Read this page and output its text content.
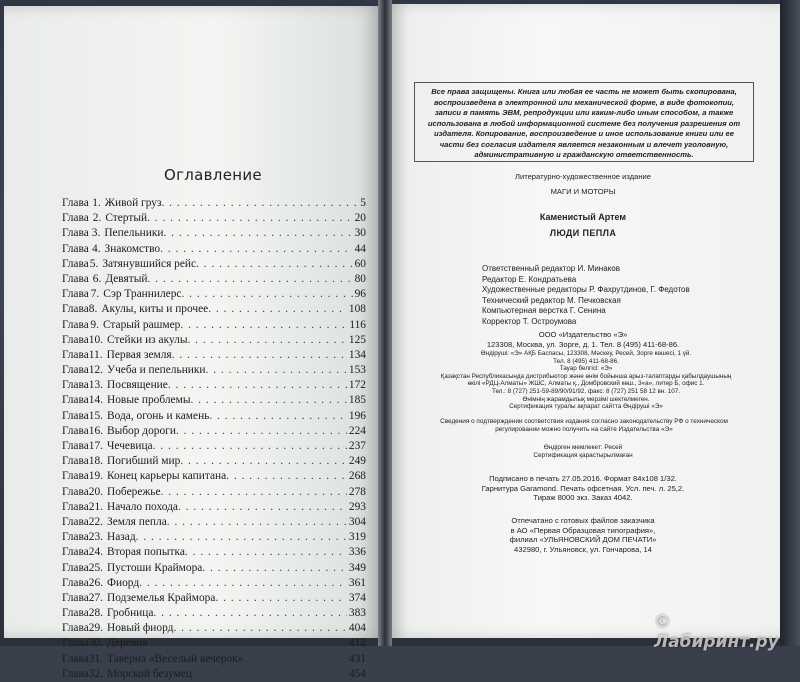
Оглавление
Глава 1. Живой груз . . .	5
Глава 2. Стертый . . .	20
Глава 3. Пепельники . . .	30
Глава 4. Знакомство . . .	44
Глава 5. Затянувшийся рейс . . .	60
Глава 6. Девятый . . .	80
Глава 7. Сэр Траннилерс . . .	96
Глава 8. Акулы, киты и прочее . . .	108
Глава 9. Старый рашмер . . .	116
Глава 10. Стейки из акулы . . .	125
Глава 11. Первая земля . . .	134
Глава 12. Учеба и пепельники . . .	153
Глава 13. Посвящение . . .	172
Глава 14. Новые проблемы . . .	185
Глава 15. Вода, огонь и камень . . .	196
Глава 16. Выбор дороги . . .	224
Глава 17. Чечевица . . .	237
Глава 18. Погибший мир . . .	249
Глава 19. Конец карьеры капитана . . .	268
Глава 20. Побережье . . .	278
Глава 21. Начало похода . . .	293
Глава 22. Земля пепла . . .	304
Глава 23. Назад . . .	319
Глава 24. Вторая попытка . . .	336
Глава 25. Пустоши Краймора . . .	349
Глава 26. Фиорд . . .	361
Глава 27. Подземелья Краймора . . .	374
Глава 28. Гробница . . .	383
Глава 29. Новый фиорд . . .	404
Глава 30. Деревня . . .	412
Глава 31. Таверна «Веселый вечерок» . . .	431
Глава 32. Морской безумец . . .	454
Все права защищены. Книга или любая ее часть не может быть скопирована, воспроизведена в электронной или механической форме, в виде фотокопии, записи в память ЭВМ, репродукции или каким-либо иным способом, а также использована в любой информационной системе без получения разрешения от издателя. Копирование, воспроизведение и иное использование книги или ее части без согласия издателя является незаконным и влечет уголовную, административную и гражданскую ответственность.
Литературно-художественное издание
МАГИ И МОТОРЫ
Каменистый Артем
ЛЮДИ ПЕПЛА
Ответственный редактор И. Минаков
Редактор Е. Кондратьева
Художественные редакторы Р. Фахрутдинов, Г. Федотов
Технический редактор М. Печковская
Компьютерная верстка Г. Сенина
Корректор Т. Остроумова
ООО «Издательство «Э»
123308, Москва, ул. Зорге, д. 1. Тел. 8 (495) 411-68-86.
Өндіруші: «Э» АҚБ Баспасы, 123308, Мәскеу, Ресей, Зорге көшесі, 1 үй.
Тел. 8 (495) 411-68-86.
Тауар белгісі: «Э»
Қазақстан Республикасында дистрибьютор және өнім бойынша арыз-талаптарды қабылдаушының
өкілі «РДЦ-Алматы» ЖШС, Алматы қ., Домбровский көш., 3«а», литер Б, офис 1.
Тел.: 8 (727) 251-59-89/90/91/92, факс: 8 (727) 251 58 12 вн. 107.
Өнімнің жарамдылық мерзімі шектелмеген.
Сертификация туралы ақпарат сайтта Өндіруші «Э»
Сведения о подтверждении соответствия издания согласно законодательству РФ о техническом регулировании можно получить на сайте Издательства «Э»
Өндірген мемлекет: Ресей
Сертификация қарастырылмаған
Подписано в печать 27.05.2016. Формат 84x108 1/32.
Гарнитура Garamond. Печать офсетная. Усл. печ. л. 25,2.
Тираж 8000 экз. Заказ 4042.
Отпечатано с готовых файлов заказчика
в АО «Первая Образцовая типография»,
филиал «УЛЬЯНОВСКИЙ ДОМ ПЕЧАТИ»
432980, г. Ульяновск, ул. Гончарова, 14
© Лабиринт.ру
